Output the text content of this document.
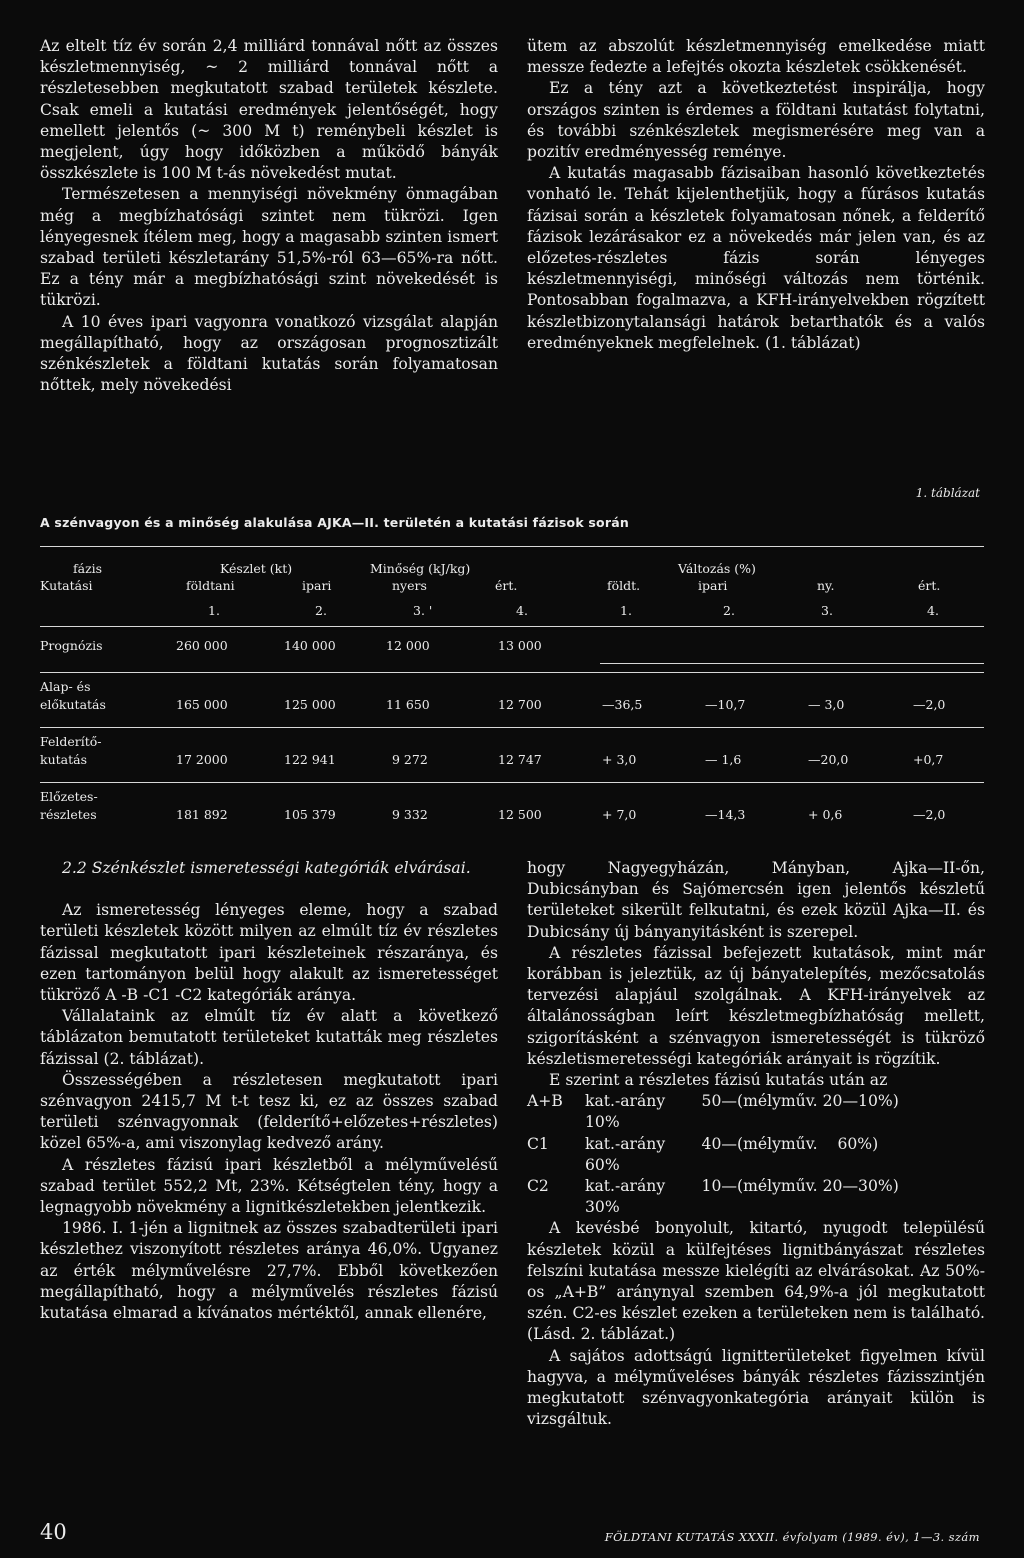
Az eltelt tíz év során 2,4 milliárd tonnával nőtt az összes készletmennyiség, ~ 2 milliárd tonnával nőtt a részletesebben megkutatott szabad területek készlete. Csak emeli a kutatási eredmények jelentőségét, hogy emellett jelentős (~ 300 M t) reménybeli készlet is megjelent, úgy hogy időközben a működő bányák összkészlete is 100 M t-ás növekedést mutat.

Természetesen a mennyiségi növekmény önmagában még a megbízhatósági szintet nem tükrözi. Igen lényegesnek ítélem meg, hogy a magasabb szinten ismert szabad területi készletarány 51,5%-ról 63—65%-ra nőtt. Ez a tény már a megbízhatósági szint növekedését is tükrözi.

A 10 éves ipari vagyonra vonatkozó vizsgálat alapján megállapítható, hogy az országosan prognosztizált szénkészletek a földtani kutatás során folyamatosan nőttek, mely növekedési

ütem az abszolút készletmennyiség emelkedése miatt messze fedezte a lefejtés okozta készletek csökkenését.

Ez a tény azt a következtetést inspirálja, hogy országos szinten is érdemes a földtani kutatást folytatni, és további szénkészletek megismerésére meg van a pozitív eredményesség reménye.

A kutatás magasabb fázisaiban hasonló következtetés vonható le. Tehát kijelenthetjük, hogy a fúrásos kutatás fázisai során a készletek folyamatosan nőnek, a felderítő fázisok lezárásakor ez a növekedés már jelen van, és az előzetes-részletes fázis során lényeges készletmennyiségi, minőségi változás nem történik. Pontosabban fogalmazva, a KFH-irányelvekben rögzített készletbizonytalansági határok betarthatók és a valós eredményeknek megfelelnek. (1. táblázat)

1. táblázat
A szénvagyon és a minőség alakulása AJKA—II. területén a kutatási fázisok során
fázis	Készlet (kt)	Minőség (kJ/kg)	Változás (%)
Kutatási	földtani	ipari	nyers	ért.	földt.	ipari	ny.	ért.
1.	2.	3. '	4.	1.	2.	3.	4.
Prognózis	260 000	140 000	12 000	13 000
Alap- és
előkutatás	165 000	125 000	11 650	12 700	—36,5	—10,7	— 3,0	—2,0
Felderítő-
kutatás	17 2000	122 941	9 272	12 747	+ 3,0	— 1,6	—20,0	+0,7
Előzetes-
részletes	181 892	105 379	9 332	12 500	+ 7,0	—14,3	+ 0,6	—2,0

2.2 Szénkészlet ismeretességi kategóriák elvárásai.

Az ismeretesség lényeges eleme, hogy a szabad területi készletek között milyen az elmúlt tíz év részletes fázissal megkutatott ipari készleteinek részaránya, és ezen tartományon belül hogy alakult az ismeretességet tükröző A -B -C1 -C2 kategóriák aránya.

Vállalataink az elmúlt tíz év alatt a következő táblázaton bemutatott területeket kutatták meg részletes fázissal (2. táblázat).

Összességében a részletesen megkutatott ipari szénvagyon 2415,7 M t-t tesz ki, ez az összes szabad területi szénvagyonnak (felderítő+előzetes+részletes) közel 65%-a, ami viszonylag kedvező arány.

A részletes fázisú ipari készletből a mélyművelésű szabad terület 552,2 Mt, 23%. Kétségtelen tény, hogy a legnagyobb növekmény a lignitkészletekben jelentkezik.

1986. I. 1-jén a lignitnek az összes szabadterületi ipari készlethez viszonyított részletes aránya 46,0%. Ugyanez az érték mélyművelésre 27,7%. Ebből következően megállapítható, hogy a mélyművelés részletes fázisú kutatása elmarad a kívánatos mértéktől, annak ellenére,

hogy Nagyegyházán, Mányban, Ajka—II-őn, Dubicsányban és Sajómercsén igen jelentős készletű területeket sikerült felkutatni, és ezek közül Ajka—II. és Dubicsány új bányanyitásként is szerepel.

A részletes fázissal befejezett kutatások, mint már korábban is jeleztük, az új bányatelepítés, mezőcsatolás tervezési alapjául szolgálnak. A KFH-irányelvek az általánosságban leírt készletmegbízhatóság mellett, szigorításként a szénvagyon ismeretességét is tükröző készletismeretességi kategóriák arányait is rögzítik.

E szerint a részletes fázisú kutatás után az

A+B	kat.-arány 50—10%
(mélyműv. 20—10%)
C1	kat.-arány 40—60%
(mélyműv.    60%)
C2	kat.-arány 10—30%
(mélyműv. 20—30%)

A kevésbé bonyolult, kitartó, nyugodt településű készletek közül a külfejtéses lignitbányászat részletes felszíni kutatása messze kielégíti az elvárásokat. Az 50%-os „A+B” aránynyal szemben 64,9%-a jól megkutatott szén. C2-es készlet ezeken a területeken nem is található. (Lásd. 2. táblázat.)

A sajátos adottságú lignitterületeket figyelmen kívül hagyva, a mélyműveléses bányák részletes fázisszintjén megkutatott szénvagyonkategória arányait külön is vizsgáltuk.

40	FÖLDTANI KUTATÁS XXXII. évfolyam (1989. év), 1—3. szám
